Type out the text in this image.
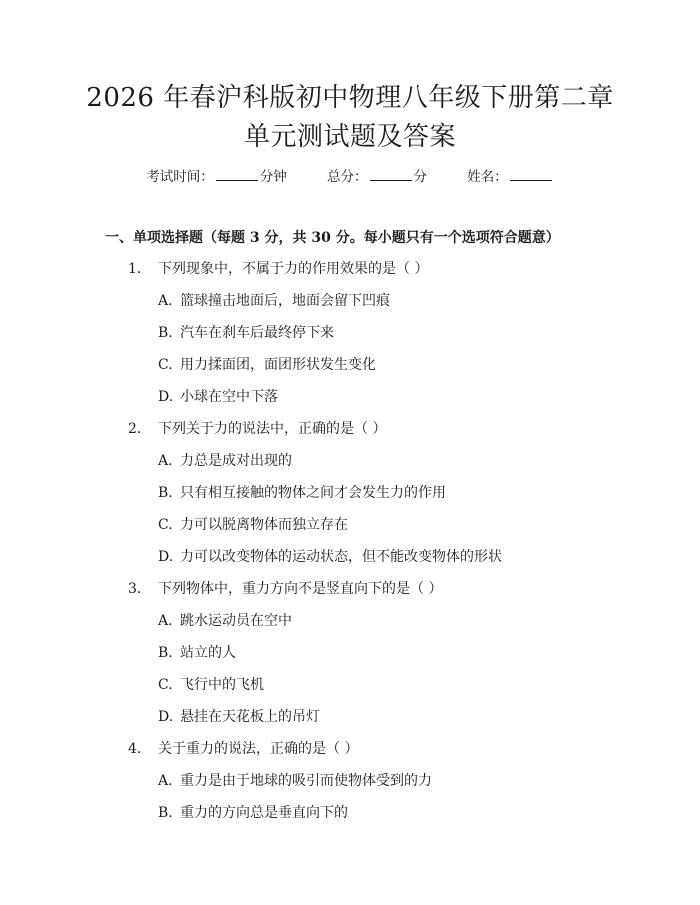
2026 年春沪科版初中物理八年级下册第二章
单元测试题及答案
考试时间：	分钟	总分：	分	姓名：
一、单项选择题（每题 3 分，共 30 分。每小题只有一个选项符合题意）
1. 下列现象中，不属于力的作用效果的是（ ）
A. 篮球撞击地面后，地面会留下凹痕
B. 汽车在刹车后最终停下来
C. 用力揉面团，面团形状发生变化
D. 小球在空中下落
2. 下列关于力的说法中，正确的是（ ）
A. 力总是成对出现的
B. 只有相互接触的物体之间才会发生力的作用
C. 力可以脱离物体而独立存在
D. 力可以改变物体的运动状态，但不能改变物体的形状
3. 下列物体中，重力方向不是竖直向下的是（ ）
A. 跳水运动员在空中
B. 站立的人
C. 飞行中的飞机
D. 悬挂在天花板上的吊灯
4. 关于重力的说法，正确的是（ ）
A. 重力是由于地球的吸引而使物体受到的力
B. 重力的方向总是垂直向下的
